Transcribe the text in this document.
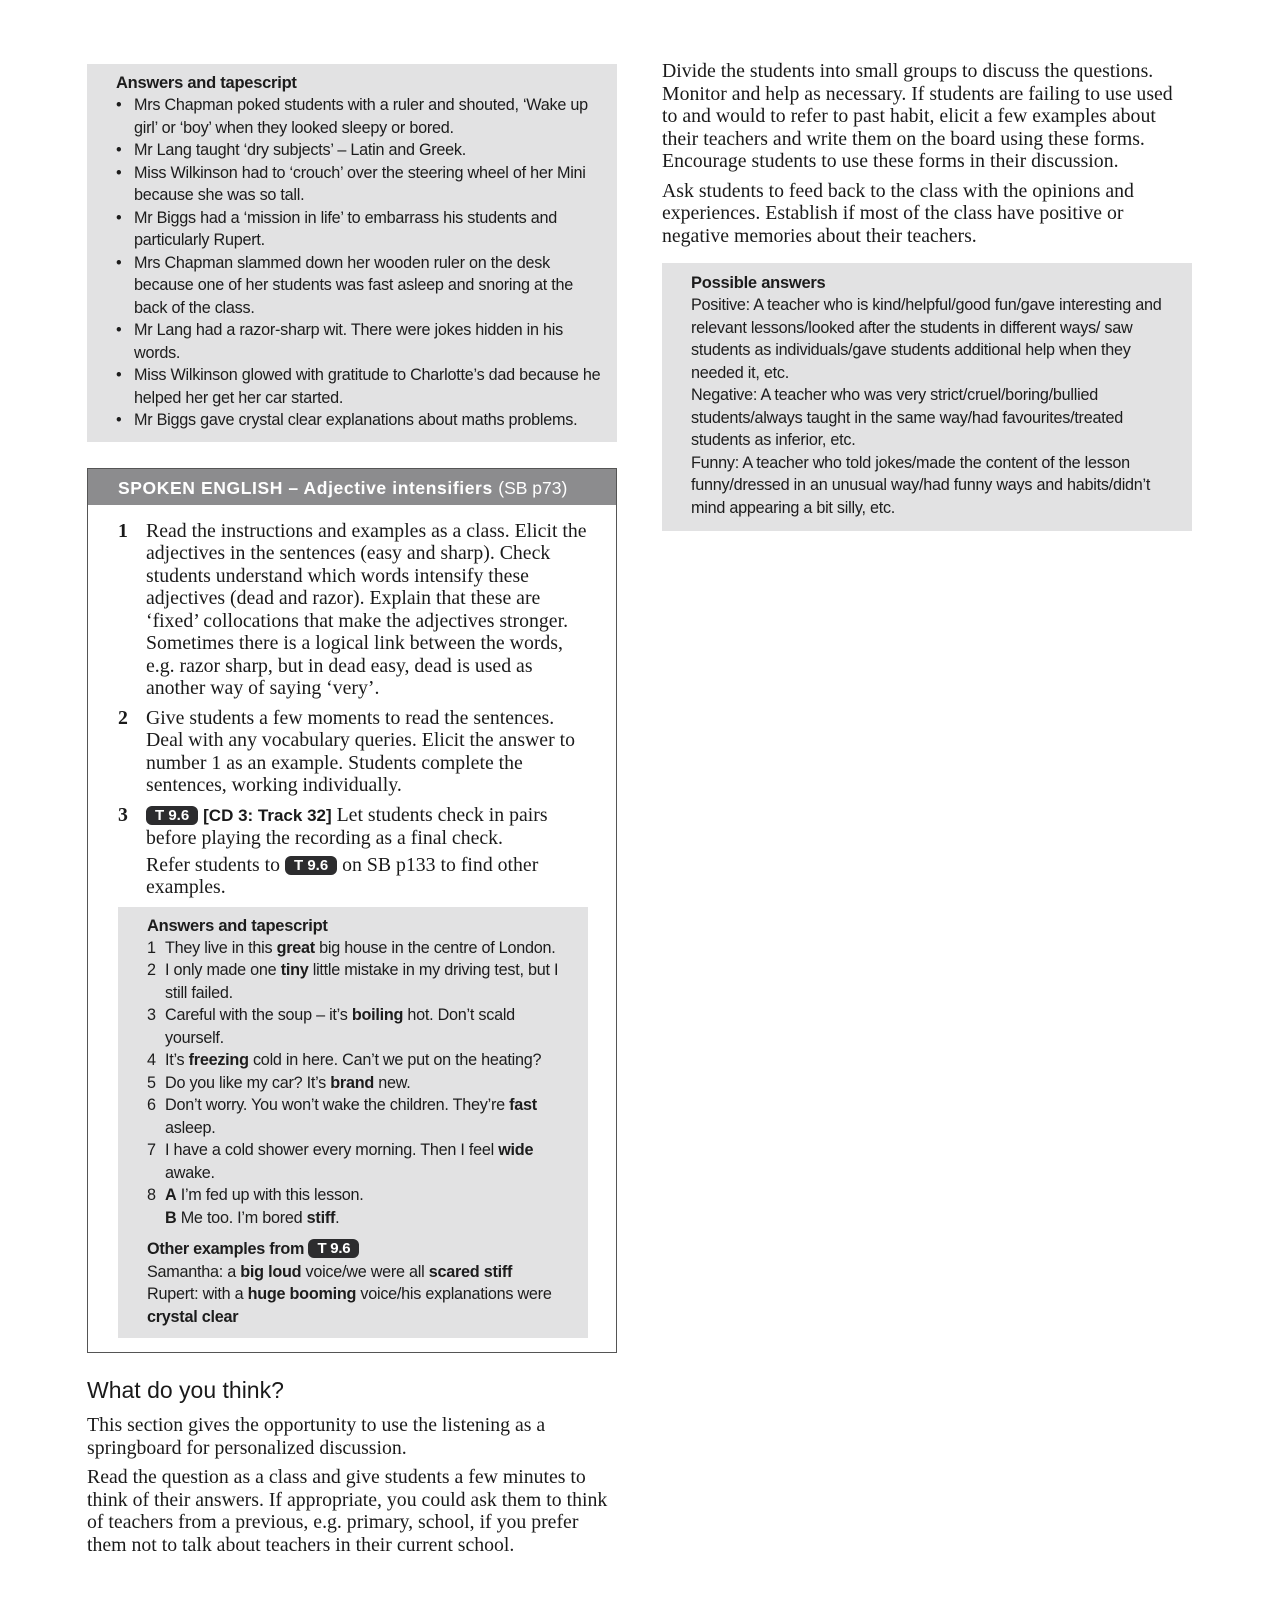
Answers and tapescript
• Mrs Chapman poked students with a ruler and shouted, ‘Wake up girl’ or ‘boy’ when they looked sleepy or bored.
• Mr Lang taught ‘dry subjects’ – Latin and Greek.
• Miss Wilkinson had to ‘crouch’ over the steering wheel of her Mini because she was so tall.
• Mr Biggs had a ‘mission in life’ to embarrass his students and particularly Rupert.
• Mrs Chapman slammed down her wooden ruler on the desk because one of her students was fast asleep and snoring at the back of the class.
• Mr Lang had a razor-sharp wit. There were jokes hidden in his words.
• Miss Wilkinson glowed with gratitude to Charlotte’s dad because he helped her get her car started.
• Mr Biggs gave crystal clear explanations about maths problems.
SPOKEN ENGLISH – Adjective intensifiers (SB p73)
1 Read the instructions and examples as a class. Elicit the adjectives in the sentences (easy and sharp). Check students understand which words intensify these adjectives (dead and razor). Explain that these are ‘fixed’ collocations that make the adjectives stronger. Sometimes there is a logical link between the words, e.g. razor sharp, but in dead easy, dead is used as another way of saying ‘very’.

2 Give students a few moments to read the sentences. Deal with any vocabulary queries. Elicit the answer to number 1 as an example. Students complete the sentences, working individually.

3	T 9.6 [CD 3: Track 32] Let students check in pairs before playing the recording as a final check.

Refer students to T 9.6 on SB p133 to find other examples.

Answers and tapescript
1 They live in this great big house in the centre of London.
2 I only made one tiny little mistake in my driving test, but I still failed.
3 Careful with the soup – it’s boiling hot. Don’t scald yourself.
4 It’s freezing cold in here. Can’t we put on the heating?
5 Do you like my car? It’s brand new.
6 Don’t worry. You won’t wake the children. They’re fast asleep.
7 I have a cold shower every morning. Then I feel wide awake.
8 A I’m fed up with this lesson.
B Me too. I’m bored stiff.
Other examples from T 9.6
Samantha: a big loud voice/we were all scared stiff
Rupert: with a huge booming voice/his explanations were crystal clear
What do you think?

This section gives the opportunity to use the listening as a springboard for personalized discussion.

Read the question as a class and give students a few minutes to think of their answers. If appropriate, you could ask them to think of teachers from a previous, e.g. primary, school, if you prefer them not to talk about teachers in their current school.

Divide the students into small groups to discuss the questions. Monitor and help as necessary. If students are failing to use used to and would to refer to past habit, elicit a few examples about their teachers and write them on the board using these forms. Encourage students to use these forms in their discussion.

Ask students to feed back to the class with the opinions and experiences. Establish if most of the class have positive or negative memories about their teachers.

Possible answers
Positive: A teacher who is kind/helpful/good fun/gave interesting and relevant lessons/looked after the students in different ways/ saw students as individuals/gave students additional help when they needed it, etc.
Negative: A teacher who was very strict/cruel/boring/bullied students/always taught in the same way/had favourites/treated students as inferior, etc.
Funny: A teacher who told jokes/made the content of the lesson funny/dressed in an unusual way/had funny ways and habits/didn’t mind appearing a bit silly, etc.
